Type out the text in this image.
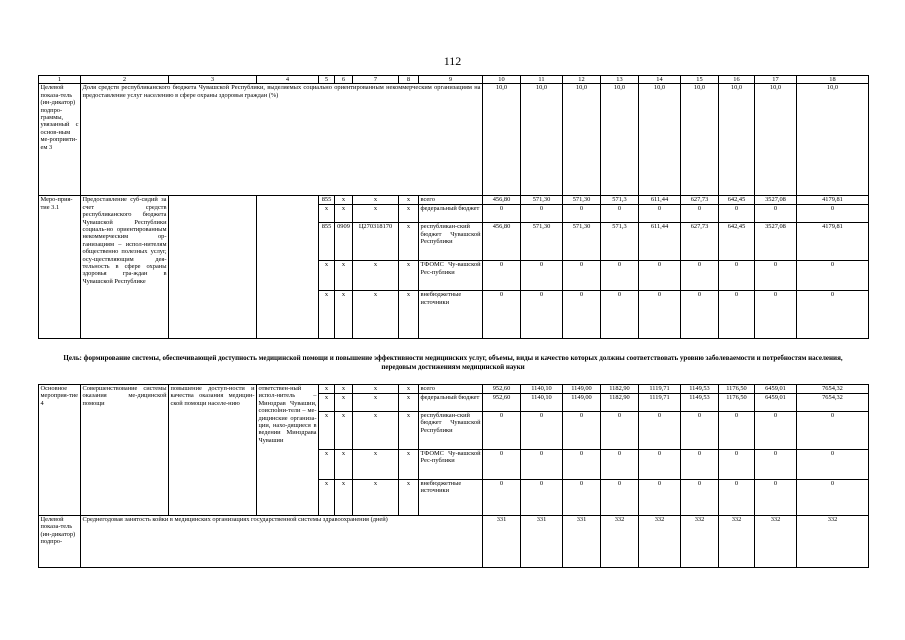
112
1	2	3	4	5	6	7	8	9	10	11	12	13	14	15	16	17	18
Целевой показа-тель (ин-дикатор) подпро-граммы, увязанный с основ-ным ме-роприяти-ем 3	Доля средств республиканского бюджета Чувашской Республики, выделяемых социально ориентированным некоммерческим организациям на предоставление услуг населению в сфере охраны здоровья граждан (%)								10,0	10,0	10,0	10,0	10,0	10,0	10,0	10,0	10,0
Меро-прия-тие 3.1	Предоставление суб-сидий за счет средств республиканского бюджета Чувашской Республики социаль-но ориентированным некоммерческим ор-ганизациям – испол-нителям общественно полезных услуг, осу-ществляющим дея-тельность в сфере охраны здоровья гра-ждан в Чувашской Республике			855	x	x	x	всего	456,80	571,30	571,30	571,3	611,44	627,73	642,45	3527,08	4179,81
				x	x	x	x	федеральный бюджет	0	0	0	0	0	0	0	0	0
				855	0909	Ц270318170	x	республикан-ский бюджет Чувашской Республики	456,80	571,30	571,30	571,3	611,44	627,73	642,45	3527,08	4179,81
				x	x	x	x	ТФОМС Чу-вашской Рес-публики	0	0	0	0	0	0	0	0	0
				x	x	x	x	внебюджетные источники	0	0	0	0	0	0	0	0	0
Цель: формирование системы, обеспечивающей доступность медицинской помощи и повышение эффективности медицинских услуг, объемы, виды и качество которых должны соответствовать уровню заболеваемости и потребностям населения, передовым достижениям медицинской науки
Основное мероприя-тие 4	Совершенствование системы оказания ме-дицинской помощи	повышение доступ-ности и качества оказания медицин-ской помощи населе-нию	ответствен-ный испол-нитель – Минздрав Чувашии, соиспolни-тели – ме-дицинские организа-ции, нахо-дящиеся в ведении Минздрава Чувашии	x	x	x	x	всего	952,60	1140,10	1149,00	1182,90	1119,71	1149,53	1176,50	6459,01	7654,32
				x	x	x	x	федеральный бюджет	952,60	1140,10	1149,00	1182,90	1119,71	1149,53	1176,50	6459,01	7654,32
				x	x	x	x	республикан-ский бюджет Чувашской Республики	0	0	0	0	0	0	0	0	0
				x	x	x	x	ТФОМС Чу-вашской Рес-публики	0	0	0	0	0	0	0	0	0
				x	x	x	x	внебюджетные источники	0	0	0	0	0	0	0	0	0
Целевой показа-тель (ин-дикатор) подпро-	Среднегодовая занятость койки в медицинских организациях государственной системы здравоохранения (дней)								331	331	331	332	332	332	332	332	332
